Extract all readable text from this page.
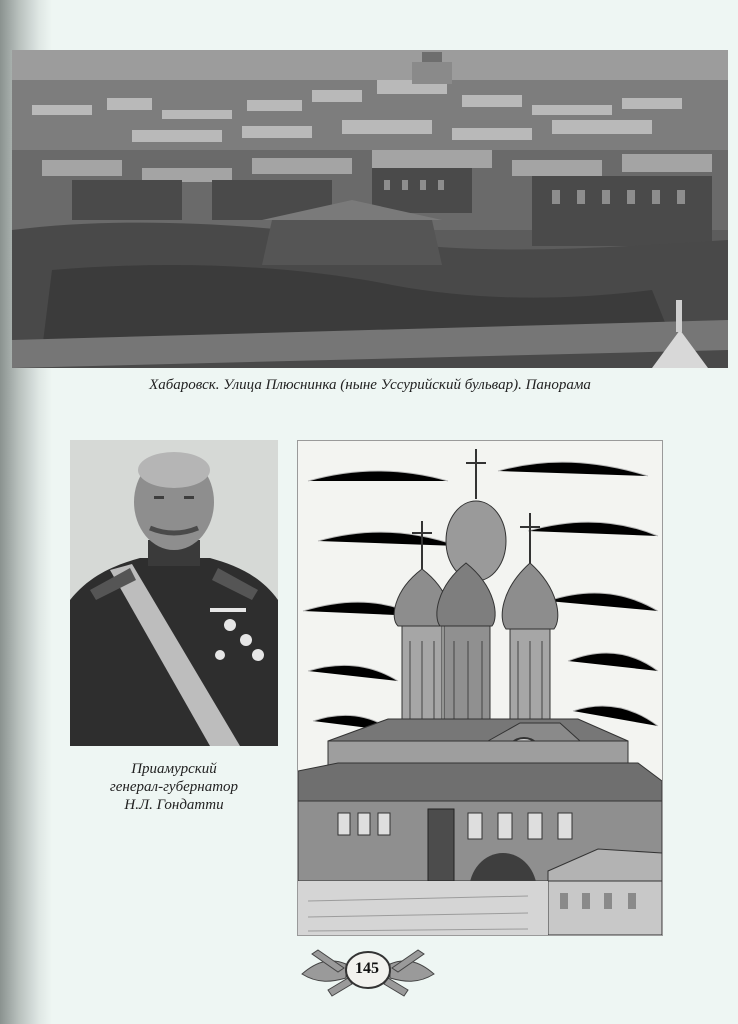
Хабаровск. Улица Плюснинка (ныне Уссурийский бульвар). Панорама
Приамурский
генерал-губернатор
Н.Л. Гондатти
145
